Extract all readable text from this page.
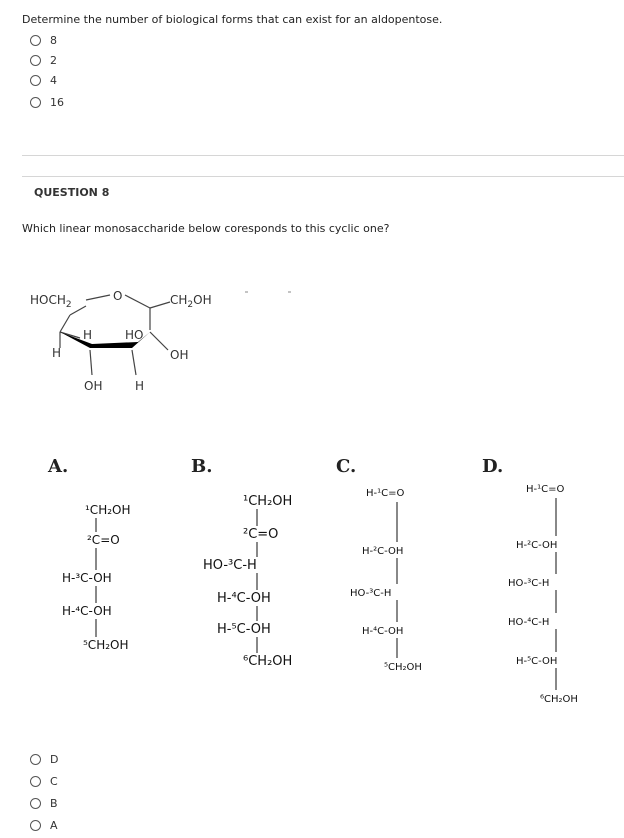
Determine the number of biological forms that can exist for an aldopentose.
8
2
4
16
QUESTION 8
Which linear monosaccharide below coresponds to this cyclic one?
$HOCH_2$
O	$CH_2OH$
H	HO
H	OH
OH	H
A.
¹CH₂OH
²C=O
H-³C-OH
H-⁴C-OH
⁵CH₂OH
B.
¹CH₂OH
²C=O
HO-³C-H
H-⁴C-OH
H-⁵C-OH
⁶CH₂OH
C.
H-¹C=O
H-²C-OH
HO-³C-H
H-⁴C-OH
⁵CH₂OH
D.
H-¹C=O
H-²C-OH
HO-³C-H
HO-⁴C-H
H-⁵C-OH
⁶CH₂OH
D
C
B
A
